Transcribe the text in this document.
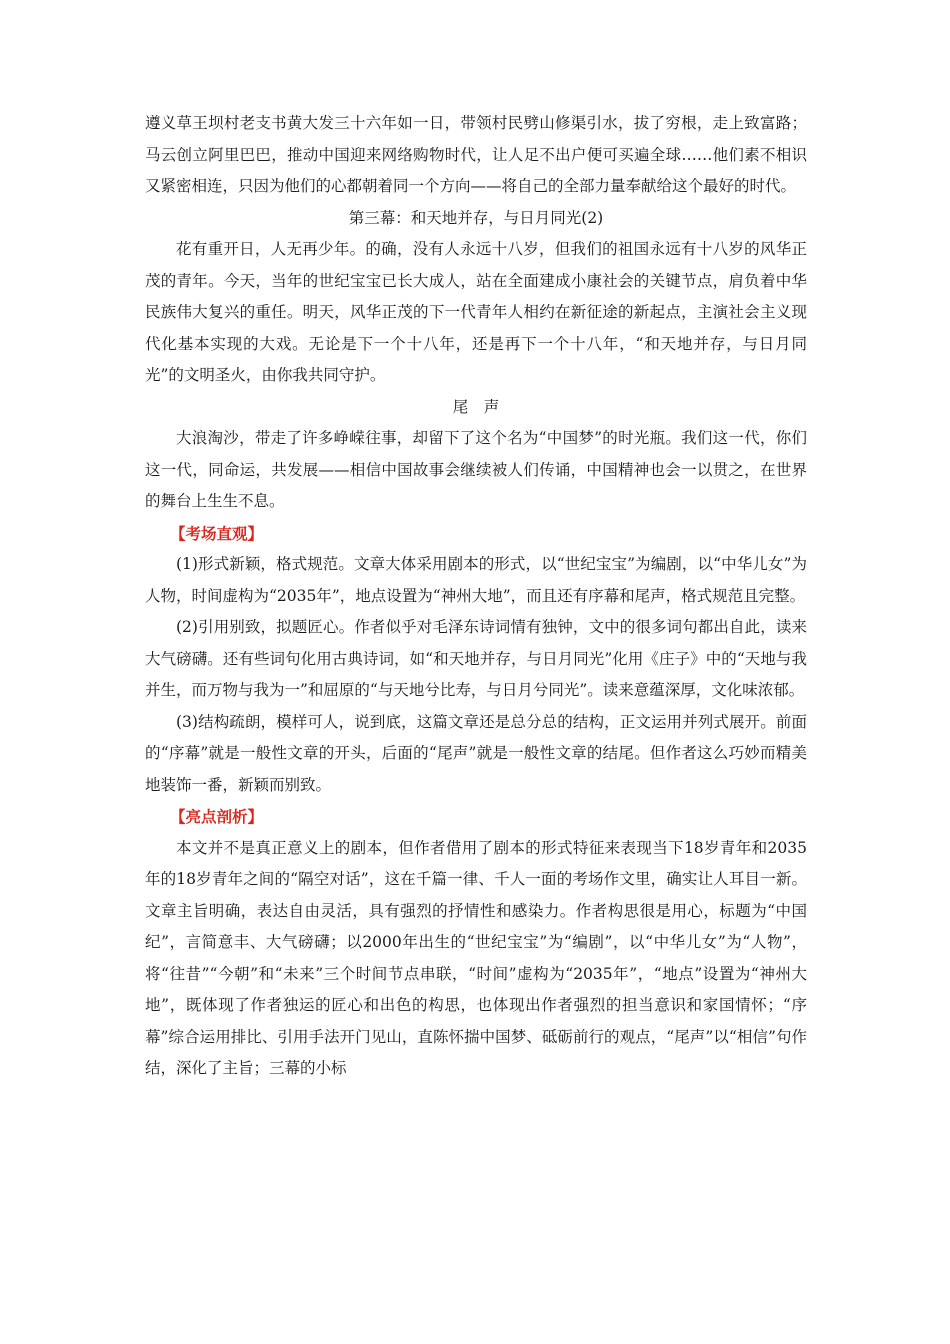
遵义草王坝村老支书黄大发三十六年如一日，带领村民劈山修渠引水，拔了穷根，走上致富路；马云创立阿里巴巴，推动中国迎来网络购物时代，让人足不出户便可买遍全球……他们素不相识又紧密相连，只因为他们的心都朝着同一个方向——将自己的全部力量奉献给这个最好的时代。

第三幕：和天地并存，与日月同光(2)

花有重开日，人无再少年。的确，没有人永远十八岁，但我们的祖国永远有十八岁的风华正茂的青年。今天，当年的世纪宝宝已长大成人，站在全面建成小康社会的关键节点，肩负着中华民族伟大复兴的重任。明天，风华正茂的下一代青年人相约在新征途的新起点，主演社会主义现代化基本实现的大戏。无论是下一个十八年，还是再下一个十八年，“和天地并存，与日月同光”的文明圣火，由你我共同守护。

尾　声

大浪淘沙，带走了许多峥嵘往事，却留下了这个名为“中国梦”的时光瓶。我们这一代，你们这一代，同命运，共发展——相信中国故事会继续被人们传诵，中国精神也会一以贯之，在世界的舞台上生生不息。

【考场直观】

(1)形式新颖，格式规范。文章大体采用剧本的形式，以“世纪宝宝”为编剧，以“中华儿女”为人物，时间虚构为“2035年”，地点设置为“神州大地”，而且还有序幕和尾声，格式规范且完整。

(2)引用别致，拟题匠心。作者似乎对毛泽东诗词情有独钟，文中的很多词句都出自此，读来大气磅礴。还有些词句化用古典诗词，如“和天地并存，与日月同光”化用《庄子》中的“天地与我并生，而万物与我为一”和屈原的“与天地兮比寿，与日月兮同光”。读来意蕴深厚，文化味浓郁。

(3)结构疏朗，模样可人，说到底，这篇文章还是总分总的结构，正文运用并列式展开。前面的“序幕”就是一般性文章的开头，后面的“尾声”就是一般性文章的结尾。但作者这么巧妙而精美地装饰一番，新颖而别致。

【亮点剖析】

本文并不是真正意义上的剧本，但作者借用了剧本的形式特征来表现当下18岁青年和2035年的18岁青年之间的“隔空对话”，这在千篇一律、千人一面的考场作文里，确实让人耳目一新。文章主旨明确，表达自由灵活，具有强烈的抒情性和感染力。作者构思很是用心，标题为“中国纪”，言简意丰、大气磅礴；以2000年出生的“世纪宝宝”为“编剧”，以“中华儿女”为“人物”，将“往昔”“今朝”和“未来”三个时间节点串联，“时间”虚构为“2035年”，“地点”设置为“神州大地”，既体现了作者独运的匠心和出色的构思，也体现出作者强烈的担当意识和家国情怀；“序幕”综合运用排比、引用手法开门见山，直陈怀揣中国梦、砥砺前行的观点，“尾声”以“相信”句作结，深化了主旨；三幕的小标
